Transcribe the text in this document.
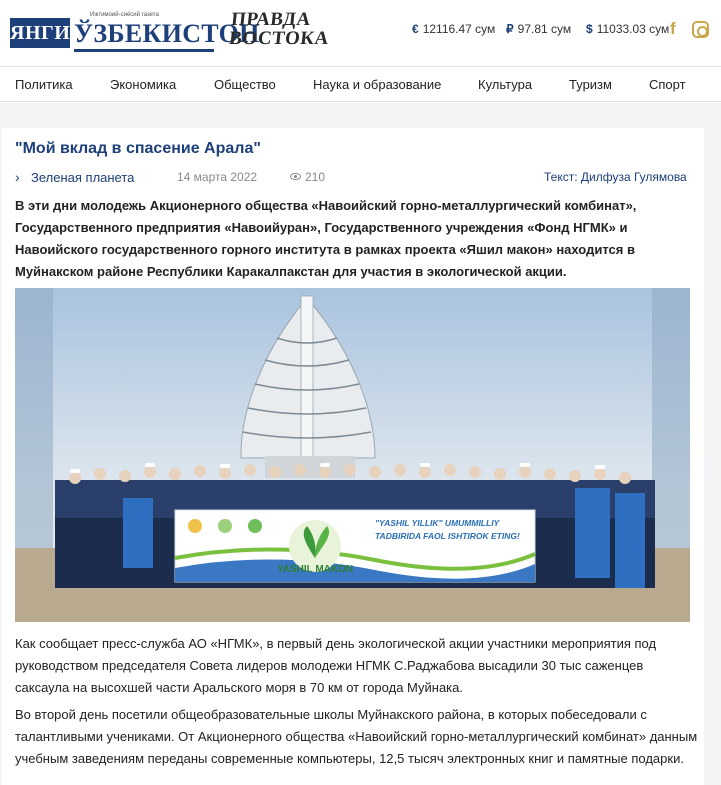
ЯНГИ
Ижтимоий-сиёсий газета
ЎЗБЕКИСТОН
ПРАВДА
ВОСТОКА	€ 12116.47 сум ₽ 97.81 сум $ 11033.03 сум f
Политика	Экономика	Общество	Наука и образование	Культура	Туризм	Спорт
"Мой вклад в спасение Арала"
› Зеленая планета	14 марта 2022	210	Текст: Дилфуза Гулямова
В эти дни молодежь Акционерного общества «Навоийский горно-металлургический комбинат», Государственного предприятия «Навоийуран», Государственного учреждения «Фонд НГМК» и Навоийского государственного горного института в рамках проекта «Яшил макон» находится в Муйнакском районе Республики Каракалпакстан для участия в экологической акции.
YASHIL MAKON
"YASHIL YILLIK" UMUMMILLIY
TADBIRIDA FAOL ISHTIROK ETING!
Как сообщает пресс-служба АО «НГМК», в первый день экологической акции участники мероприятия под руководством председателя Совета лидеров молодежи НГМК С.Раджабова высадили 30 тыс саженцев саксаула на высохшей части Аральского моря в 70 км от города Муйнака.
Во второй день посетили общеобразовательные школы Муйнакского района, в которых побеседовали с талантливыми учениками. От Акционерного общества «Навоийский горно-металлургический комбинат» данным учебным заведениям переданы современные компьютеры, 12,5 тысяч электронных книг и памятные подарки.
